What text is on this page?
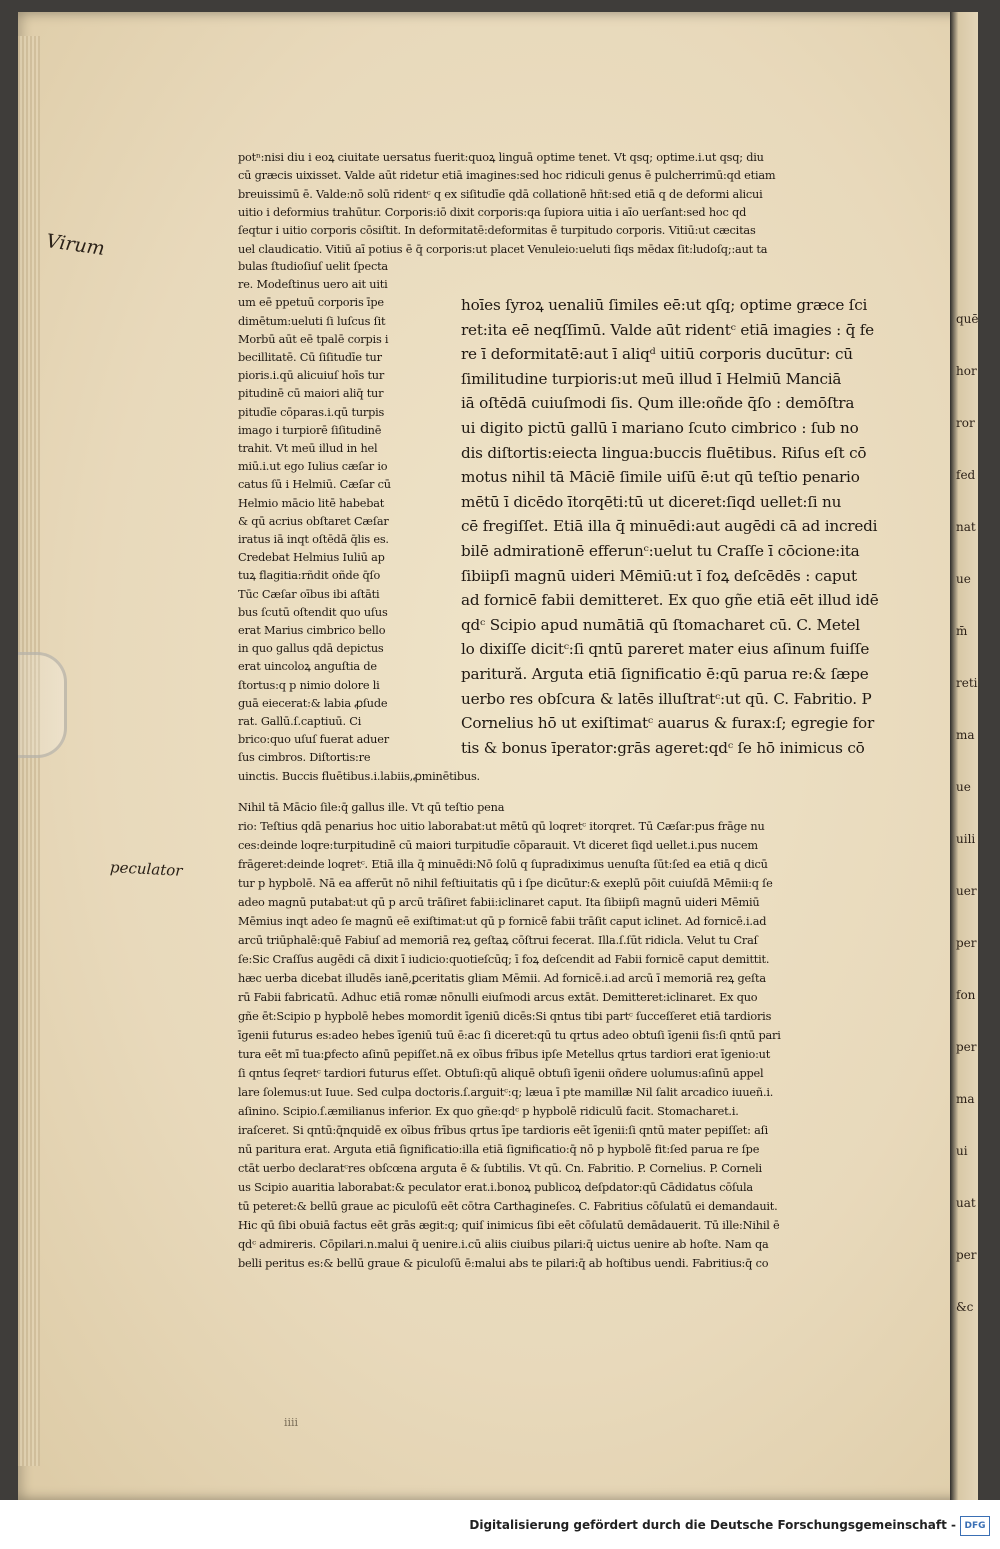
Virum
peculator
potⁿ:nisi diu i eoꝝ ciuitate uersatus fuerit:quoꝝ linguā optime tenet. Vt qsq; optime.i.ut qsq; diu
cū græcis uixisset. Valde aūt ridetur etiā imagines:sed hoc ridiculi genus ē pulcherrimū:qd etiam
breuissimū ē. Valde:nō solū ridentᶜ q ex siſitudīe qdā collationē hñt:sed etiā q de deformi alicui
uitio i deformius trahūtur. Corporis:iō dixit corporis:qa ſupiora uitia i aīo uerſant:sed hoc qd
ſeqtur i uitio corporis cōsiſtit. In deformitatē:deformitas ē turpitudo corporis. Vitiū:ut cæcitas
uel claudicatio. Vitiū aī potius ē q̄ corporis:ut placet Venuleio:ueluti ſiqs mēdax ſit:ludoſq;:aut ta
bulas ſtudioſiuſ uelit ſpecta
re. Modeſtinus uero ait uiti
um eē ppetuū corporis īpe
dimētum:ueluti ſi luſcus ſit
Morbū aūt eē tpalē corpis i
becillitatē. Cū ſiſitudīe tur
pioris.i.qū alicuiuſ hoīs tur
pitudinē cū maiori aliq̄ tur
pitudīe cōparas.i.qū turpis
imago i turpiorē ſiſitudinē
trahit. Vt meū illud in hel
miū.i.ut ego Iulius cæſar io
catus ſū i Helmiū. Cæſar cū
Helmio mācio litē habebat
& qū acrius obſtaret Cæſar
iratus iā inqt oſtēdā q̄lis es.
Credebat Helmius Iuliū ap
tuꝝ flagitia:rñdit oñde q̄ſo
Tūc Cæſar oībus ibi aſtāti
bus ſcutū oſtendit quo uſus
erat Marius cimbrico bello
in quo gallus qdā depictus
erat uincoloꝝ anguſtia de
ſtortus:q p nimio dolore li
guā eiecerat:& labia ꝓſude
rat. Gallū.ſ.captiuū. Ci
brico:quo uſuſ fuerat aduer
ſus cimbros. Diſtortis:re
uinctis. Buccis fluētibus.i.labiis,ꝓminētibus.
hoīes ſyroꝝ uenaliū ſimiles eē:ut qſq; optime græce ſci
ret:ita eē neqſſimū. Valde aūt ridentᶜ etiā imagies : q̄ fe
re ī deformitatē:aut ī aliqᵈ uitiū corporis ducūtur: cū
ſimilitudine turpioris:ut meū illud ī Helmiū Manciā
iā oſtēdā cuiuſmodi ſis. Qum ille:oñde q̄ſo : demōſtra
ui digito pictū gallū ī mariano ſcuto cimbrico : ſub no
dis diſtortis:eiecta lingua:buccis fluētibus. Riſus eſt cō
motus nihil tā Māciē ſimile uiſū ē:ut qū teſtio penario
mētū ī dicēdo ītorqēti:tū ut diceret:ſiqd uellet:ſi nu
cē fregiſſet. Etiā illa q̄ minuēdi:aut augēdi cā ad incredi
bilē admirationē efferunᶜ:uelut tu Craſſe ī cōcione:ita
ſibiipſi magnū uideri Mēmiū:ut ī foꝝ deſcēdēs : caput
ad fornicē fabii demitteret. Ex quo gñe etiā eēt illud idē
qdᶜ Scipio apud numātiā qū ſtomacharet cū. C. Metel
lo dixiſſe dicitᶜ:ſi qntū pareret mater eius aſinum fuiſſe
paritură. Arguta etiā ſignificatio ē:qū parua re:& ſæpe
uerbo res obſcura & latēs illuſtratᶜ:ut qū. C. Fabritio. P
Cornelius hō ut exiſtimatᶜ auarus & furax:ſ; egregie for
tis & bonus īperator:grās ageret:qdᶜ ſe hō inimicus cō
Nihil tā Mācio ſile:q̄ gallus ille. Vt qū teſtio pena
rio: Teſtius qdā penarius hoc uitio laborabat:ut mētū qū loqretᶜ itorqret. Tū Cæſar:pus frāge nu
ces:deinde loqre:turpitudinē cū maiori turpitudīe cōparauit. Vt diceret ſiqd uellet.i.pus nucem
frāgeret:deinde loqretᶜ. Etiā illa q̄ minuēdi:Nō ſolū q ſupradiximus uenuſta ſūt:ſed ea etiā q dicū
tur p hypbolē. Nā ea afferūt nō nihil feſtiuitatis qū i ſpe dicūtur:& exeplū pōit cuiuſdā Mēmii:q ſe
adeo magnū putabat:ut qū p arcū trāſiret fabii:iclinaret caput. Ita ſibiipſi magnū uideri Mēmiū
Mēmius inqt adeo ſe magnū eē exiſtimat:ut qū p fornicē fabii trāſit caput iclinet. Ad fornicē.i.ad
arcū triūphalē:quē Fabiuſ ad memoriā reꝝ geſtaꝝ cōſtrui fecerat. Illa.ſ.ſūt ridicla. Velut tu Craſ
ſe:Sic Craſſus augēdi cā dixit ī iudicio:quotieſcūq; ī foꝝ deſcendit ad Fabii fornicē caput demittit.
hæc uerba dicebat illudēs ianē,ꝑceritatis gliam Mēmii. Ad fornicē.i.ad arcū ī memoriā reꝝ geſta
rū Fabii fabricatū. Adhuc etiā romæ nōnulli eiuſmodi arcus extāt. Demitteret:iclinaret. Ex quo
gñe ēt:Scipio p hypbolē hebes momordit īgeniū dicēs:Si qntus tibi partᶜ ſucceſſeret etiā tardioris
īgenii futurus es:adeo hebes īgeniū tuū ē:ac ſi diceret:qū tu qrtus adeo obtuſi īgenii ſis:ſi qntū pari
tura eēt mī tua:ꝑfecto aſinū pepiſſet.nā ex oībus frībus ipſe Metellus qrtus tardiori erat īgenio:ut
ſi qntus ſeqretᶜ tardiori futurus eſſet. Obtuſi:qū aliquē obtuſi īgenii oñdere uolumus:aſinū appel
lare ſolemus:ut Iuue. Sed culpa doctoris.ſ.arguitᶜ:q; læua ī pte mamillæ Nil ſalit arcadico iuueñ.i.
aſinino. Scipio.ſ.æmilianus inferior. Ex quo gñe:qdᶜ p hypbolē ridiculū facit. Stomacharet.i.
iraſceret. Si qntū:q̄nquidē ex oībus frībus qrtus īpe tardioris eēt īgenii:ſi qntū mater pepiſſet: aſi
nū paritura erat. Arguta etiā ſignificatio:illa etiā ſignificatio:q̄ nō p hypbolē fit:ſed parua re ſpe
ctāt uerbo declaratᶜres obſcœna arguta ē & ſubtilis. Vt qū. Cn. Fabritio. P. Cornelius. P. Corneli
us Scipio auaritia laborabat:& peculator erat.i.bonoꝝ publicoꝝ deſpdator:qū Cādidatus cōſula
tū peteret:& bellū graue ac piculoſū eēt cōtra Carthagineſes. C. Fabritius cōſulatū ei demandauit.
Hic qū ſibi obuiā factus eēt grās ægit:q; quiſ inimicus ſibi eēt cōſulatū demādauerit. Tū ille:Nihil ē
qdᶜ admireris. Cōpilari.n.malui q̄ uenire.i.cū aliis ciuibus pilari:q̄ uictus uenire ab hoſte. Nam qa
belli peritus es:& bellū graue & piculoſū ē:malui abs te pilari:q̄ ab hoſtibus uendi. Fabritius:q̄ co
iiii
quē
hor
ror
fed
nat
ue
m̄
reti
ma
ue
uili
uer
per
fon
per
ma
ui
uat
per
&c
Digitalisierung gefördert durch die Deutsche Forschungsgemeinschaft - DFG
